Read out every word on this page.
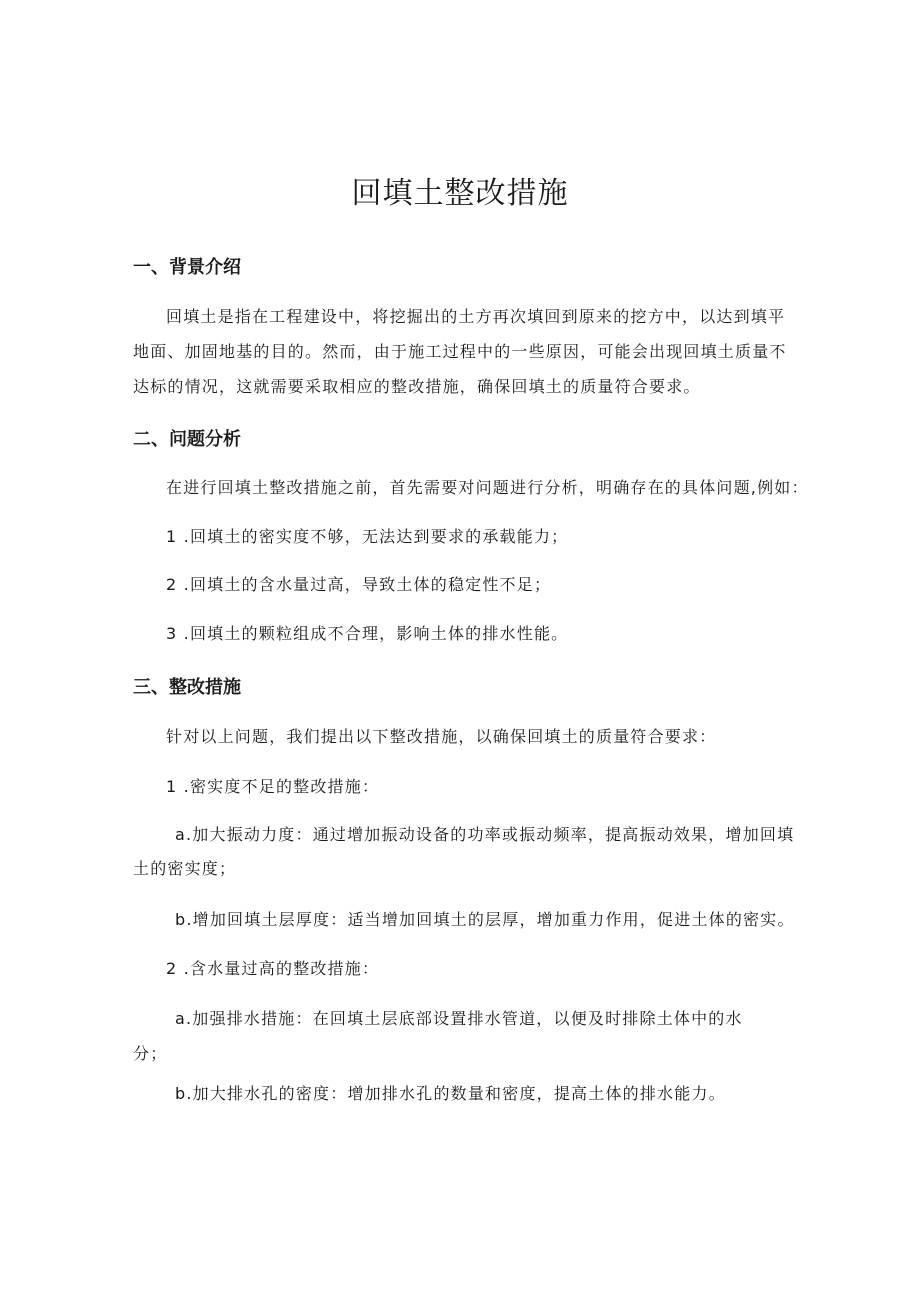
回填土整改措施
一、背景介绍

回填土是指在工程建设中，将挖掘出的土方再次填回到原来的挖方中，以达到填平

地面、加固地基的目的。然而，由于施工过程中的一些原因，可能会出现回填土质量不

达标的情况，这就需要采取相应的整改措施，确保回填土的质量符合要求。

二、问题分析

在进行回填土整改措施之前，首先需要对问题进行分析，明确存在的具体问题,例如：

1 .回填土的密实度不够，无法达到要求的承载能力；

2 .回填土的含水量过高，导致土体的稳定性不足；

3 .回填土的颗粒组成不合理，影响土体的排水性能。

三、整改措施

针对以上问题，我们提出以下整改措施，以确保回填土的质量符合要求：

1 .密实度不足的整改措施：

a.加大振动力度：通过增加振动设备的功率或振动频率，提高振动效果，增加回填

土的密实度；

b.增加回填土层厚度：适当增加回填土的层厚，增加重力作用，促进土体的密实。

2 .含水量过高的整改措施：

a.加强排水措施：在回填土层底部设置排水管道，以便及时排除土体中的水

分；

b.加大排水孔的密度：增加排水孔的数量和密度，提高土体的排水能力。
